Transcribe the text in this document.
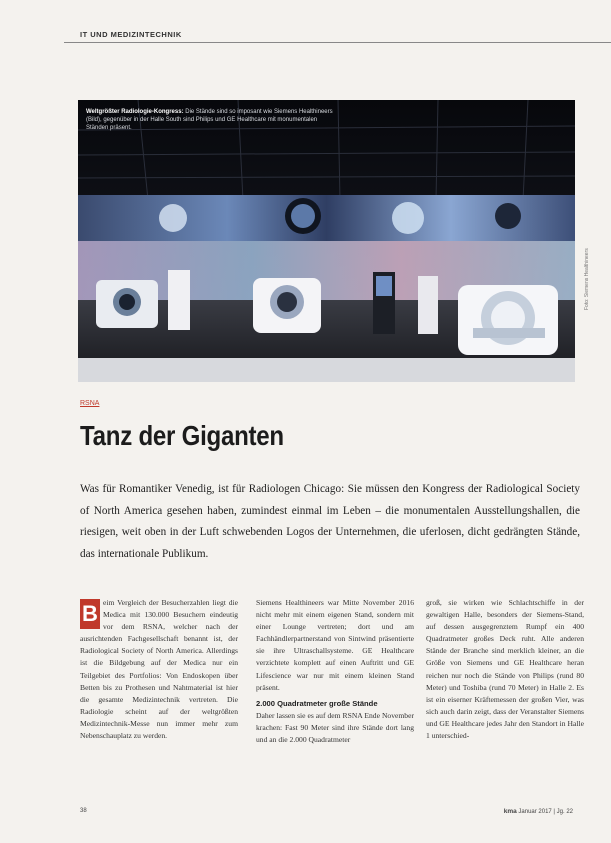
IT UND MEDIZINTECHNIK
Weltgrößter Radiologie-Kongress: Die Stände sind so imposant wie Siemens Healthineers (Bild), gegenüber in der Halle South sind Philips und GE Healthcare mit monumentalen Ständen präsent.
Foto: Siemens Healthineers
RSNA
Tanz der Giganten
Was für Romantiker Venedig, ist für Radiologen Chicago: Sie müssen den Kongress der Radiological Society of North America gesehen haben, zumindest einmal im Leben – die monumentalen Ausstellungshallen, die riesigen, weit oben in der Luft schwebenden Logos der Unternehmen, die uferlosen, dicht gedrängten Stände, das internationale Publikum.
B eim Vergleich der Besucherzahlen liegt die Medica mit 130.000 Besuchern eindeutig vor dem RSNA, welcher nach der ausrichtenden Fachgesellschaft benannt ist, der Radiological Society of North America. Allerdings ist die Bildgebung auf der Medica nur ein Teilgebiet des Portfolios: Von Endoskopen über Betten bis zu Prothesen und Nahtmaterial ist hier die gesamte Medizintechnik vertreten. Die Radiologie scheint auf der weltgrößten Medizintechnik-Messe nun immer mehr zum Nebenschauplatz zu werden.

Siemens Healthineers war Mitte November 2016 nicht mehr mit einem eigenen Stand, sondern mit einer Lounge vertreten; dort und am Fachhändlerpartnerstand von Sintwind präsentierte sie ihre Ultraschallsysteme. GE Healthcare verzichtete komplett auf einen Auftritt und GE Lifescience war nur mit einem kleinen Stand präsent.

2.000 Quadratmeter große Stände

Daher lassen sie es auf dem RSNA Ende November krachen: Fast 90 Meter sind ihre Stände dort lang und an die 2.000 Quadratmeter

groß, sie wirken wie Schlachtschiffe in der gewaltigen Halle, besonders der Siemens-Stand, auf dessen ausgegrenztem Rumpf ein 400 Quadratmeter großes Deck ruht. Alle anderen Stände der Branche sind merklich kleiner, an die Größe von Siemens und GE Healthcare heran reichen nur noch die Stände von Philips (rund 80 Meter) und Toshiba (rund 70 Meter) in Halle 2. Es ist ein eiserner Kräftemessen der großen Vier, was sich auch darin zeigt, dass der Veranstalter Siemens und GE Healthcare jedes Jahr den Standort in Halle 1 unterschied-

38	kma Januar 2017 | Jg. 22
